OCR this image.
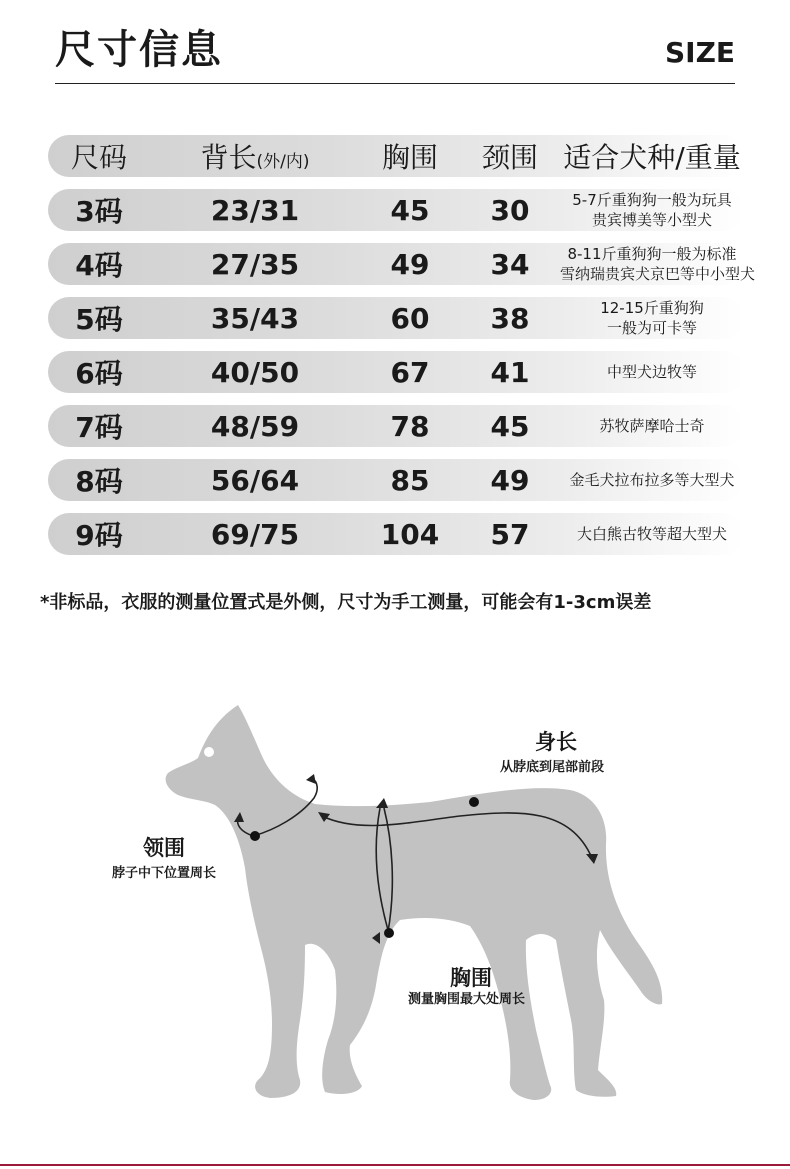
尺寸信息	SIZE
尺码	背长(外/内)	胸围	颈围 适合犬种/重量
3码	23/31	45	30	5-7斤重狗狗一般为玩具
贵宾博美等小型犬
4码	27/35	49	34	8-11斤重狗狗一般为标准
雪纳瑞贵宾犬京巴等中小型犬
5码	35/43	60	38	12-15斤重狗狗
一般为可卡等
6码	40/50	67	41	中型犬边牧等
7码	48/59	78	45	苏牧萨摩哈士奇
8码	56/64	85	49	金毛犬拉布拉多等大型犬
9码	69/75	104	57	大白熊古牧等超大型犬
*非标品，衣服的测量位置式是外侧，尺寸为手工测量，可能会有1-3cm误差
身长
从脖底到尾部前段
领围
脖子中下位置周长
胸围
测量胸围最大处周长
